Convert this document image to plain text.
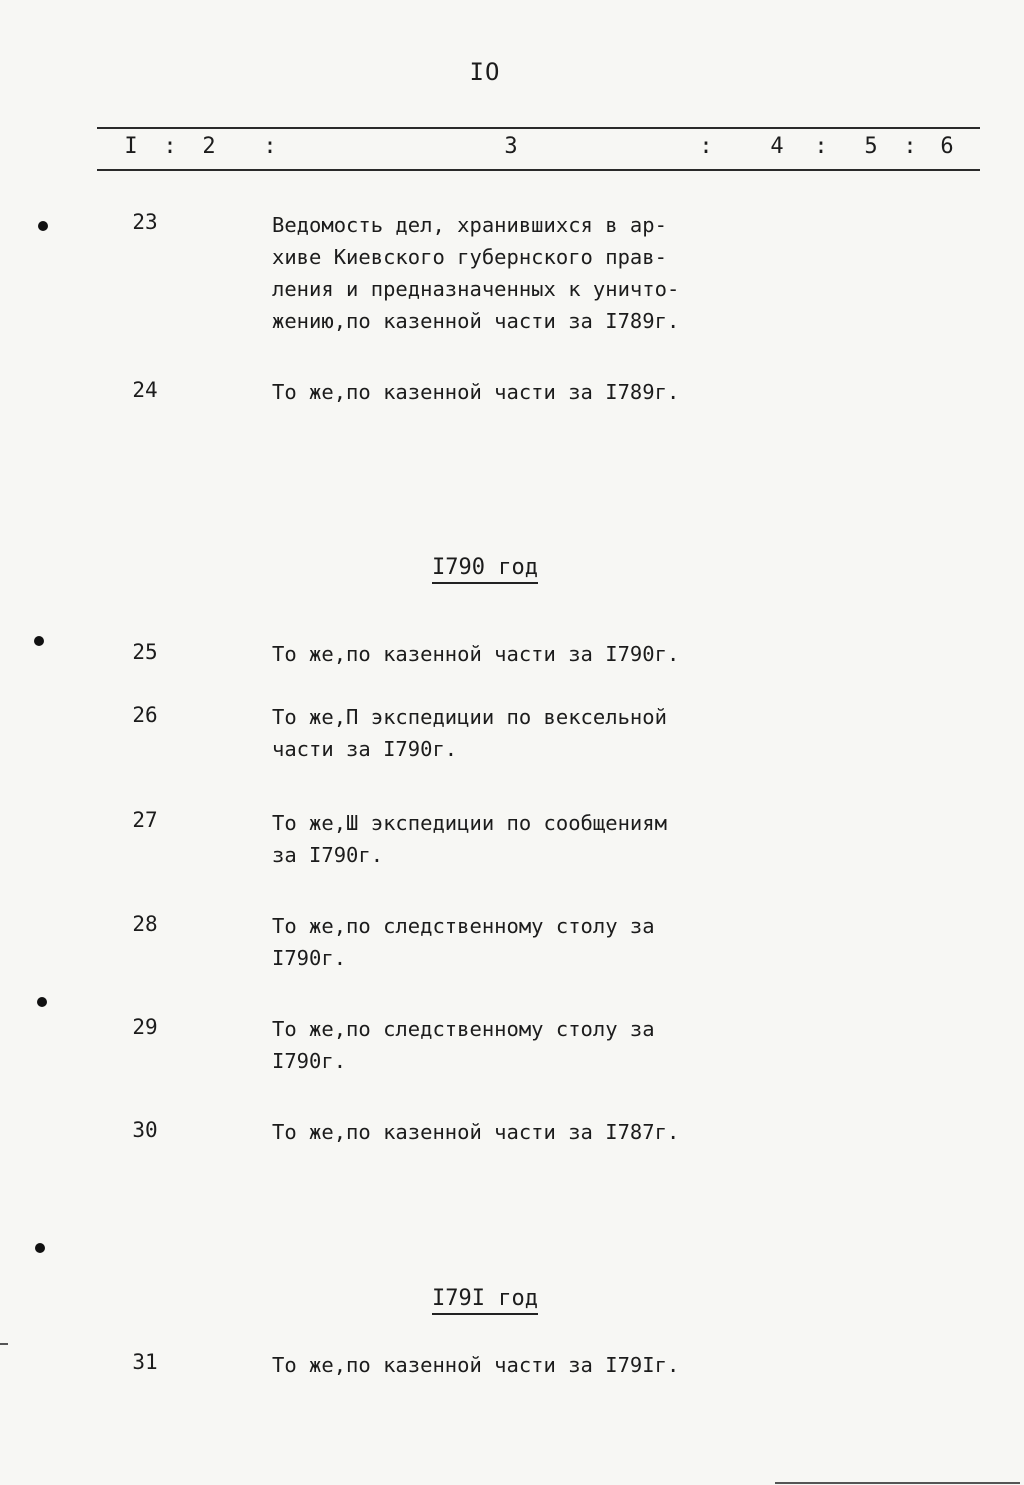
IO
I : 2 :	3	:	4 : 5 : 6
23	Ведомость дел, хранившихся в ар-
хиве Киевского губернского прав-
ления и предназначенных к уничто-
жению,по казенной части за I789г.
24	То же,по казенной части за I789г.
I790 год
25	То же,по казенной части за I790г.
26	То же,П экспедиции по вексельной
части за I790г.
27	То же,Ш экспедиции по сообщениям
за I790г.
28	То же,по следственному столу за
I790г.
29	То же,по следственному столу за
I790г.
30	То же,по казенной части за I787г.
I79I год
31	То же,по казенной части за I79Iг.
